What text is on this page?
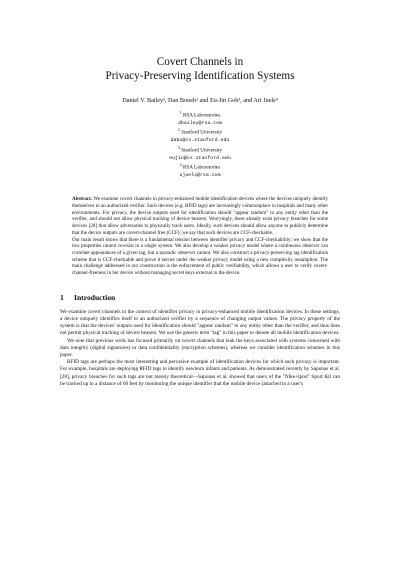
Covert Channels in
Privacy-Preserving Identification Systems
Daniel V. Bailey¹, Dan Boneh² and Eu-Jin Goh³, and Ari Juels⁴
$^1$ RSA Laboratories
dbailey@rsa.com
$^2$ Stanford University
dabo@cs.stanford.edu
$^3$ Stanford University
eujin@cs.stanford.edu
$^4$ RSA Laboratories
ajuels@rsa.com

Abstract. We examine covert channels in privacy-enhanced mobile identification devices where the devices uniquely identify themselves to an authorized verifier. Such devices (e.g. RFID tags) are increasingly commonplace in hospitals and many other environments. For privacy, the device outputs used for identification should "appear random" to any entity other than the verifier, and should not allow physical tracking of device bearers. Worryingly, there already exist privacy breaches for some devices [28] that allow adversaries to physically track users. Ideally, such devices should allow anyone to publicly determine that the device outputs are covert-channel free (CCF); we say that such devices are CCF-checkable.

Our main result shows that there is a fundamental tension between identifier privacy and CCF-checkability; we show that the two properties cannot co-exist in a single system. We also develop a weaker privacy model where a continuous observer can correlate appearances of a given tag, but a sporadic observer cannot. We also construct a privacy-preserving tag identification scheme that is CCF-checkable and prove it secure under the weaker privacy model using a new complexity assumption. The main challenge addressed in our construction is the enforcement of public verifiability, which allows a user to verify covert-channel-freeness in her device without managing secret keys external to the device.

1 Introduction

We examine covert channels in the context of identifier privacy in privacy-enhanced mobile identification devices. In these settings, a device uniquely identifies itself to an authorized verifier by a sequence of changing output values. The privacy property of the system is that the devices' outputs used for identification should "appear random" to any entity other than the verifier, and thus does not permit physical tracking of device bearers. We use the generic term "tag" in this paper to denote all mobile identification devices.

We note that previous work has focused primarily on covert channels that leak the keys associated with systems concerned with data integrity (digital signatures) or data confidentiality (encryption schemes), whereas we consider identification schemes in this paper.

RFID tags are perhaps the most interesting and pervasive example of identification devices for which such privacy is important. For example, hospitals are deploying RFID tags to identify newborn infants and patients. As demonstrated recently by Saponas et al. [28], privacy breaches for such tags are not merely theoretical—Saponas et al. showed that users of the "Nike+Ipod" Sport Kit can be tracked up to a distance of 60 feet by monitoring the unique identifier that the mobile device (attached to a user's
